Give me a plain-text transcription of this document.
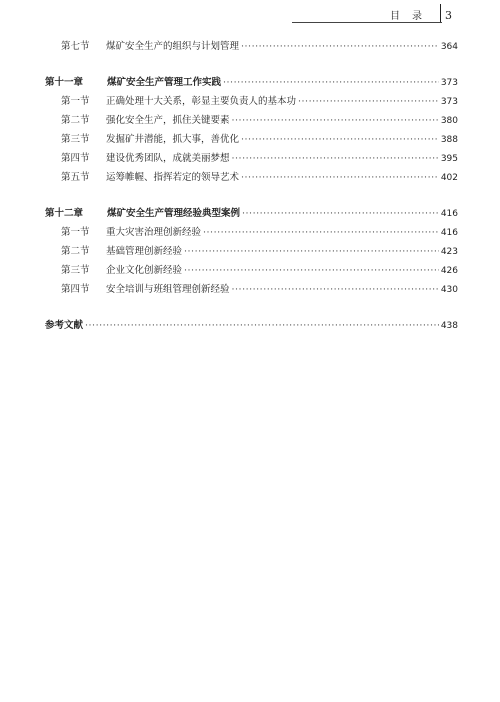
目录 3
第七节	煤矿安全生产的组织与计划管理 ·····	364
第十一章	煤矿安全生产管理工作实践 ·····	373
第一节	正确处理十大关系，彰显主要负责人的基本功 ·····	373
第二节	强化安全生产，抓住关键要素 ·····	380
第三节	发掘矿井潜能，抓大事，善优化 ·····	388
第四节	建设优秀团队，成就美丽梦想 ·····	395
第五节	运筹帷幄、指挥若定的领导艺术 ·····	402
第十二章	煤矿安全生产管理经验典型案例 ·····	416
第一节	重大灾害治理创新经验 ·····	416
第二节	基础管理创新经验 ·····	423
第三节	企业文化创新经验 ·····	426
第四节	安全培训与班组管理创新经验 ·····	430
参考文献 ·····	438
